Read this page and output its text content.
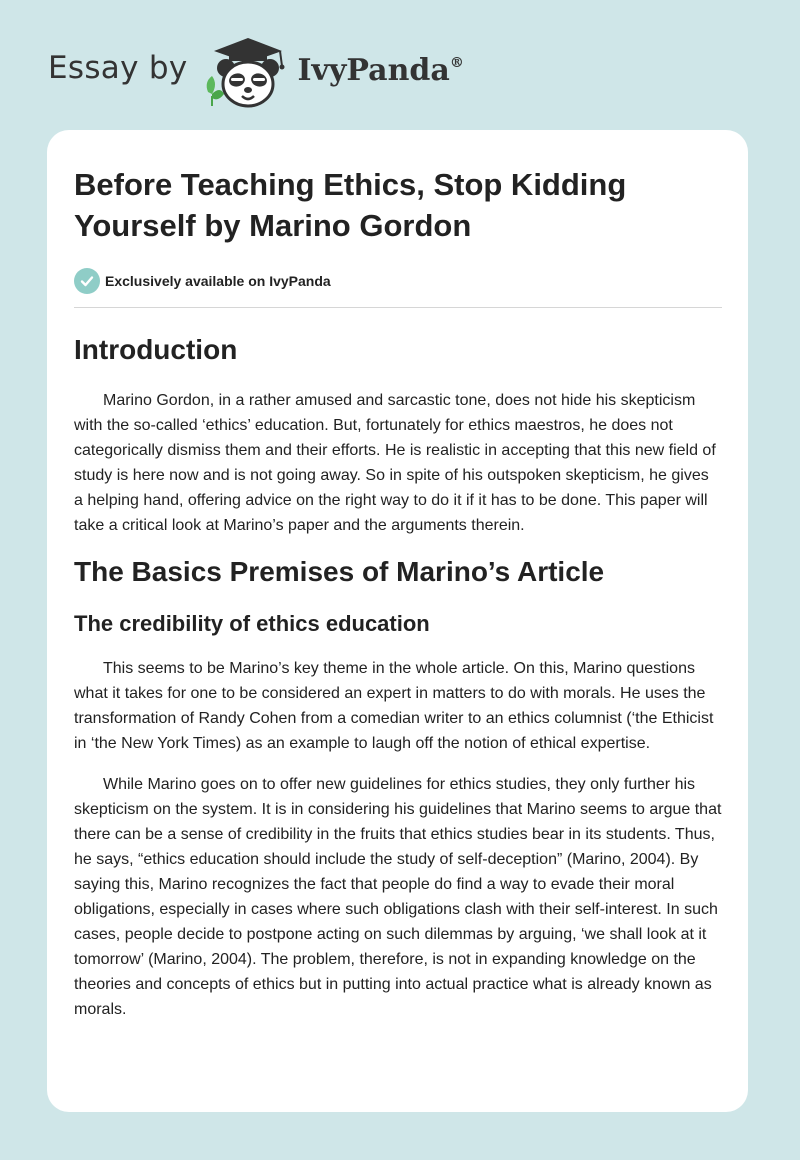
Essay by	IvyPanda®
Before Teaching Ethics, Stop Kidding Yourself by Marino Gordon
Exclusively available on IvyPanda
Introduction

Marino Gordon, in a rather amused and sarcastic tone, does not hide his skepticism with the so-called ‘ethics’ education. But, fortunately for ethics maestros, he does not categorically dismiss them and their efforts. He is realistic in accepting that this new field of study is here now and is not going away. So in spite of his outspoken skepticism, he gives a helping hand, offering advice on the right way to do it if it has to be done. This paper will take a critical look at Marino’s paper and the arguments therein.

The Basics Premises of Marino’s Article
The credibility of ethics education

This seems to be Marino’s key theme in the whole article. On this, Marino questions what it takes for one to be considered an expert in matters to do with morals. He uses the transformation of Randy Cohen from a comedian writer to an ethics columnist (‘the Ethicist in ‘the New York Times) as an example to laugh off the notion of ethical expertise.

While Marino goes on to offer new guidelines for ethics studies, they only further his skepticism on the system. It is in considering his guidelines that Marino seems to argue that there can be a sense of credibility in the fruits that ethics studies bear in its students. Thus, he says, “ethics education should include the study of self-deception” (Marino, 2004). By saying this, Marino recognizes the fact that people do find a way to evade their moral obligations, especially in cases where such obligations clash with their self-interest. In such cases, people decide to postpone acting on such dilemmas by arguing, ‘we shall look at it tomorrow’ (Marino, 2004). The problem, therefore, is not in expanding knowledge on the theories and concepts of ethics but in putting into actual practice what is already known as morals.
